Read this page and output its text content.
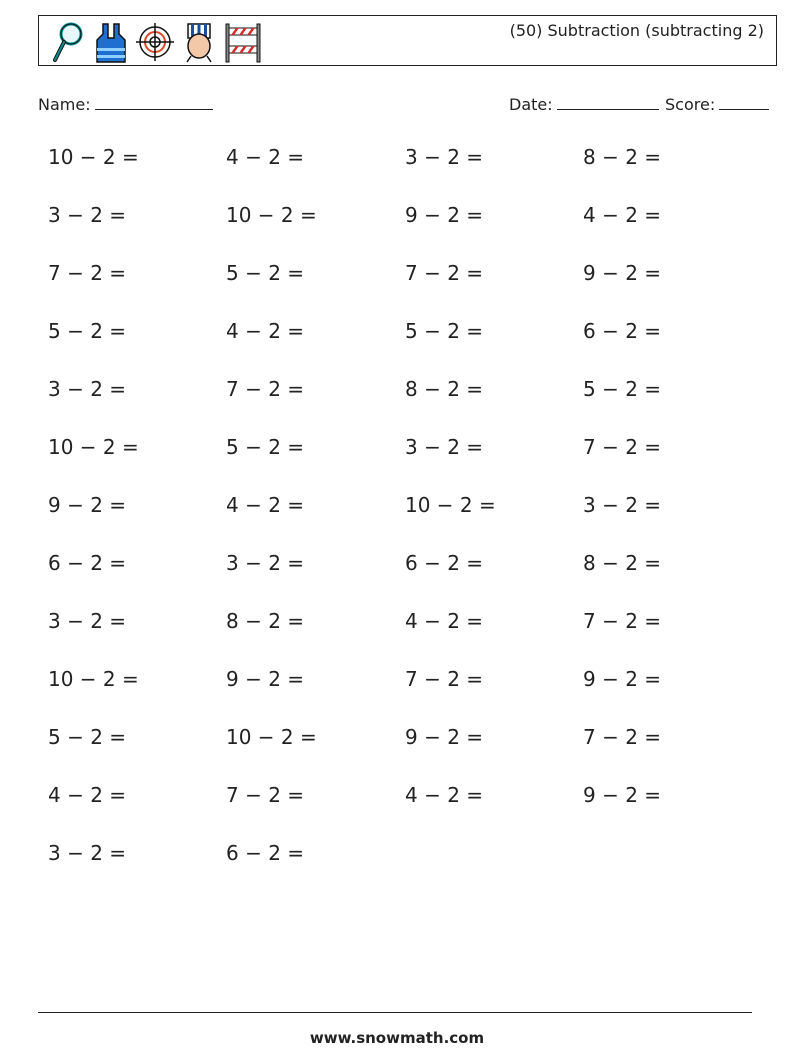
(50) Subtraction (subtracting 2)
Name:	Date:	Score:
10 − 2 =	4 − 2 =	3 − 2 =	8 − 2 =
3 − 2 =	10 − 2 =	9 − 2 =	4 − 2 =
7 − 2 =	5 − 2 =	7 − 2 =	9 − 2 =
5 − 2 =	4 − 2 =	5 − 2 =	6 − 2 =
3 − 2 =	7 − 2 =	8 − 2 =	5 − 2 =
10 − 2 =	5 − 2 =	3 − 2 =	7 − 2 =
9 − 2 =	4 − 2 =	10 − 2 =	3 − 2 =
6 − 2 =	3 − 2 =	6 − 2 =	8 − 2 =
3 − 2 =	8 − 2 =	4 − 2 =	7 − 2 =
10 − 2 =	9 − 2 =	7 − 2 =	9 − 2 =
5 − 2 =	10 − 2 =	9 − 2 =	7 − 2 =
4 − 2 =	7 − 2 =	4 − 2 =	9 − 2 =
3 − 2 =	6 − 2 =
www.snowmath.com
